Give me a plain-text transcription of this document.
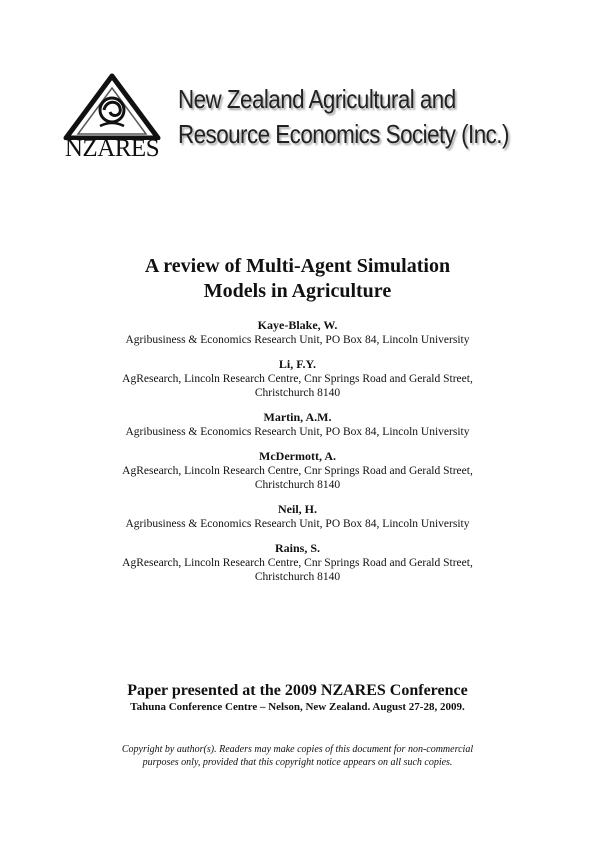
NZARES
New Zealand Agricultural and
Resource Economics Society (Inc.)
A review of Multi-Agent Simulation
Models in Agriculture
Kaye-Blake, W.
Agribusiness & Economics Research Unit, PO Box 84, Lincoln University
Li, F.Y.
AgResearch, Lincoln Research Centre, Cnr Springs Road and Gerald Street, Christchurch 8140
Martin, A.M.
Agribusiness & Economics Research Unit, PO Box 84, Lincoln University
McDermott, A.
AgResearch, Lincoln Research Centre, Cnr Springs Road and Gerald Street, Christchurch 8140
Neil, H.
Agribusiness & Economics Research Unit, PO Box 84, Lincoln University
Rains, S.
AgResearch, Lincoln Research Centre, Cnr Springs Road and Gerald Street, Christchurch 8140
Paper presented at the 2009 NZARES Conference
Tahuna Conference Centre – Nelson, New Zealand. August 27-28, 2009.
Copyright by author(s). Readers may make copies of this document for non-commercial
purposes only, provided that this copyright notice appears on all such copies.
